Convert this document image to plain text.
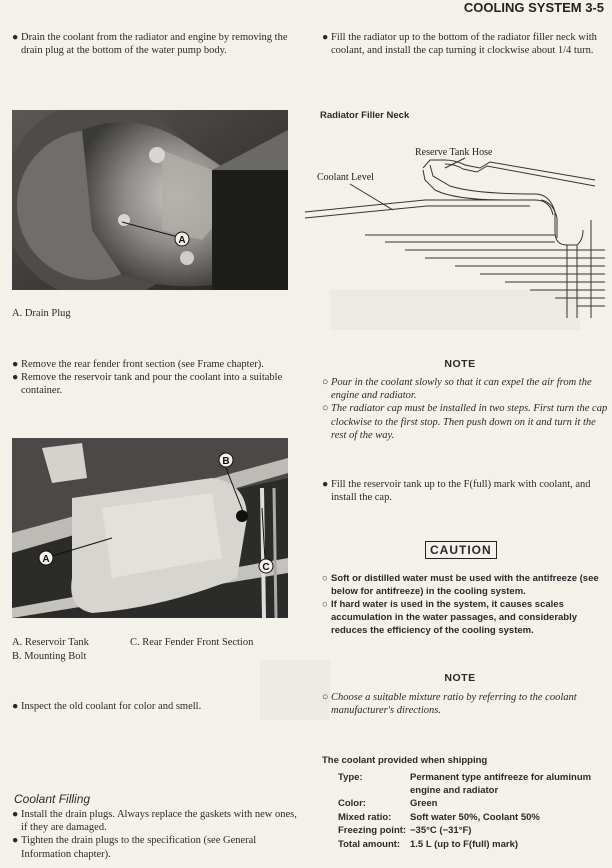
COOLING SYSTEM 3-5
● Drain the coolant from the radiator and engine by removing the drain plug at the bottom of the water pump body.
A
A. Drain Plug
● Remove the rear fender front section (see Frame chapter).
● Remove the reservoir tank and pour the coolant into a suitable container.
B
A
C
A. Reservoir Tank	C. Rear Fender Front Section
B. Mounting Bolt
● Inspect the old coolant for color and smell.
Coolant Filling
● Install the drain plugs. Always replace the gaskets with new ones, if they are damaged.
● Tighten the drain plugs to the specification (see General Information chapter).
● Fill the radiator up to the bottom of the radiator filler neck with coolant, and install the cap turning it clockwise about 1/4 turn.
Radiator Filler Neck
Reserve Tank Hose
Coolant Level
NOTE
○ Pour in the coolant slowly so that it can expel the air from the engine and radiator.
○ The radiator cap must be installed in two steps. First turn the cap clockwise to the first stop. Then push down on it and turn it the rest of the way.
● Fill the reservoir tank up to the F(full) mark with coolant, and install the cap.
CAUTION
○ Soft or distilled water must be used with the antifreeze (see below for antifreeze) in the cooling system.
○ If hard water is used in the system, it causes scales accumulation in the water passages, and considerably reduces the efficiency of the cooling system.
NOTE
○ Choose a suitable mixture ratio by referring to the coolant manufacturer's directions.
The coolant provided when shipping
Type:	Permanent type antifreeze for aluminum engine and radiator
Color:	Green
Mixed ratio:	Soft water 50%, Coolant 50%
Freezing point:	−35°C (−31°F)
Total amount:	1.5 L (up to F(full) mark)
